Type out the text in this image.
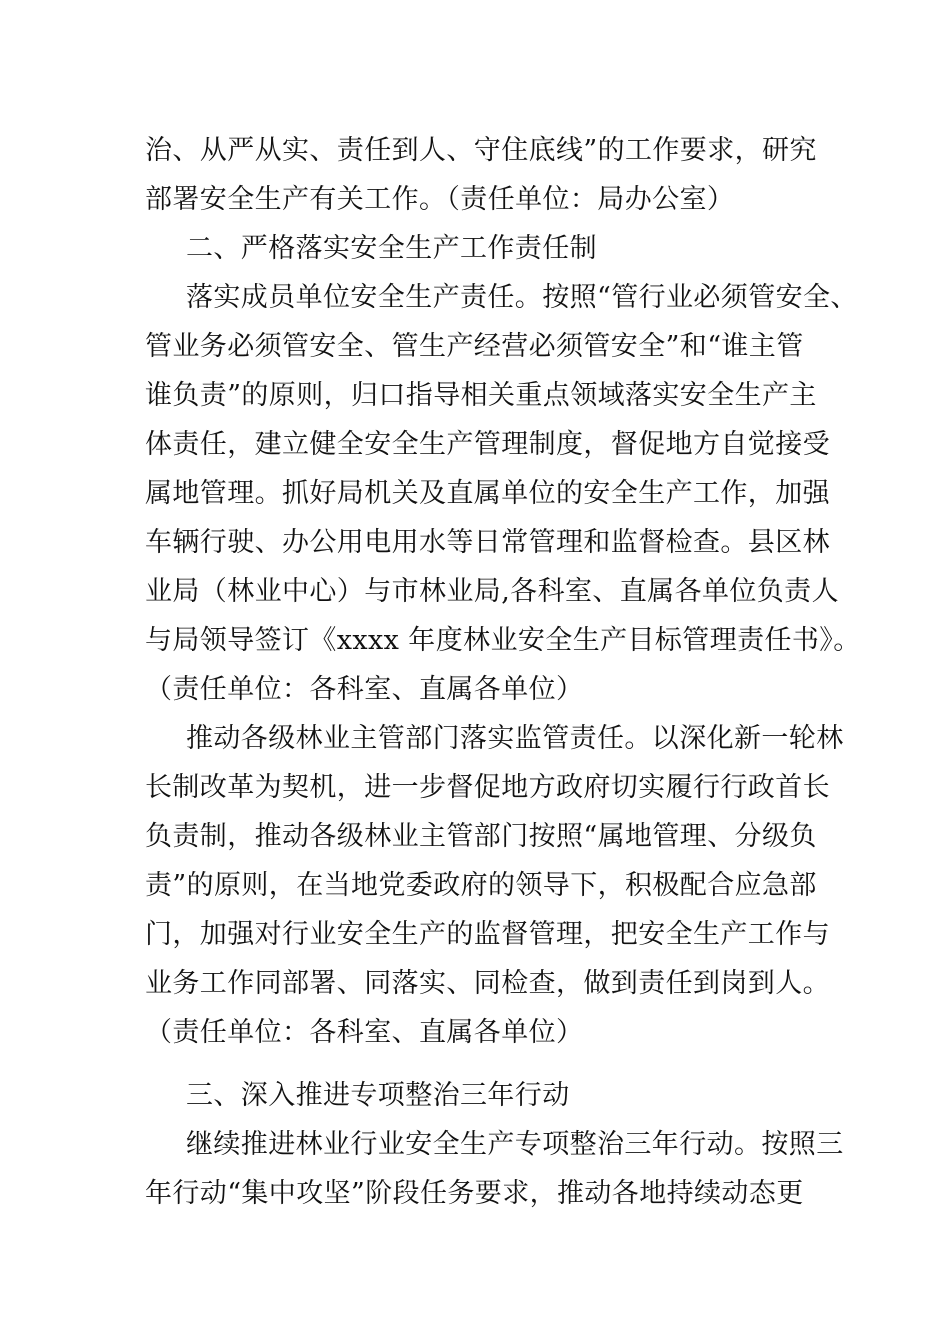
治、从严从实、责任到人、守住底线”的工作要求，研究
部署安全生产有关工作。（责任单位：局办公室）
二、严格落实安全生产工作责任制
落实成员单位安全生产责任。按照“管行业必须管安全、
管业务必须管安全、管生产经营必须管安全”和“谁主管
谁负责”的原则，归口指导相关重点领域落实安全生产主
体责任，建立健全安全生产管理制度，督促地方自觉接受
属地管理。抓好局机关及直属单位的安全生产工作，加强
车辆行驶、办公用电用水等日常管理和监督检查。县区林
业局（林业中心）与市林业局,各科室、直属各单位负责人
与局领导签订《xxxx 年度林业安全生产目标管理责任书》。
（责任单位：各科室、直属各单位）
推动各级林业主管部门落实监管责任。以深化新一轮林
长制改革为契机，进一步督促地方政府切实履行行政首长
负责制，推动各级林业主管部门按照“属地管理、分级负
责”的原则，在当地党委政府的领导下，积极配合应急部
门，加强对行业安全生产的监督管理，把安全生产工作与
业务工作同部署、同落实、同检查，做到责任到岗到人。
（责任单位：各科室、直属各单位）
三、深入推进专项整治三年行动
继续推进林业行业安全生产专项整治三年行动。按照三
年行动“集中攻坚”阶段任务要求，推动各地持续动态更
